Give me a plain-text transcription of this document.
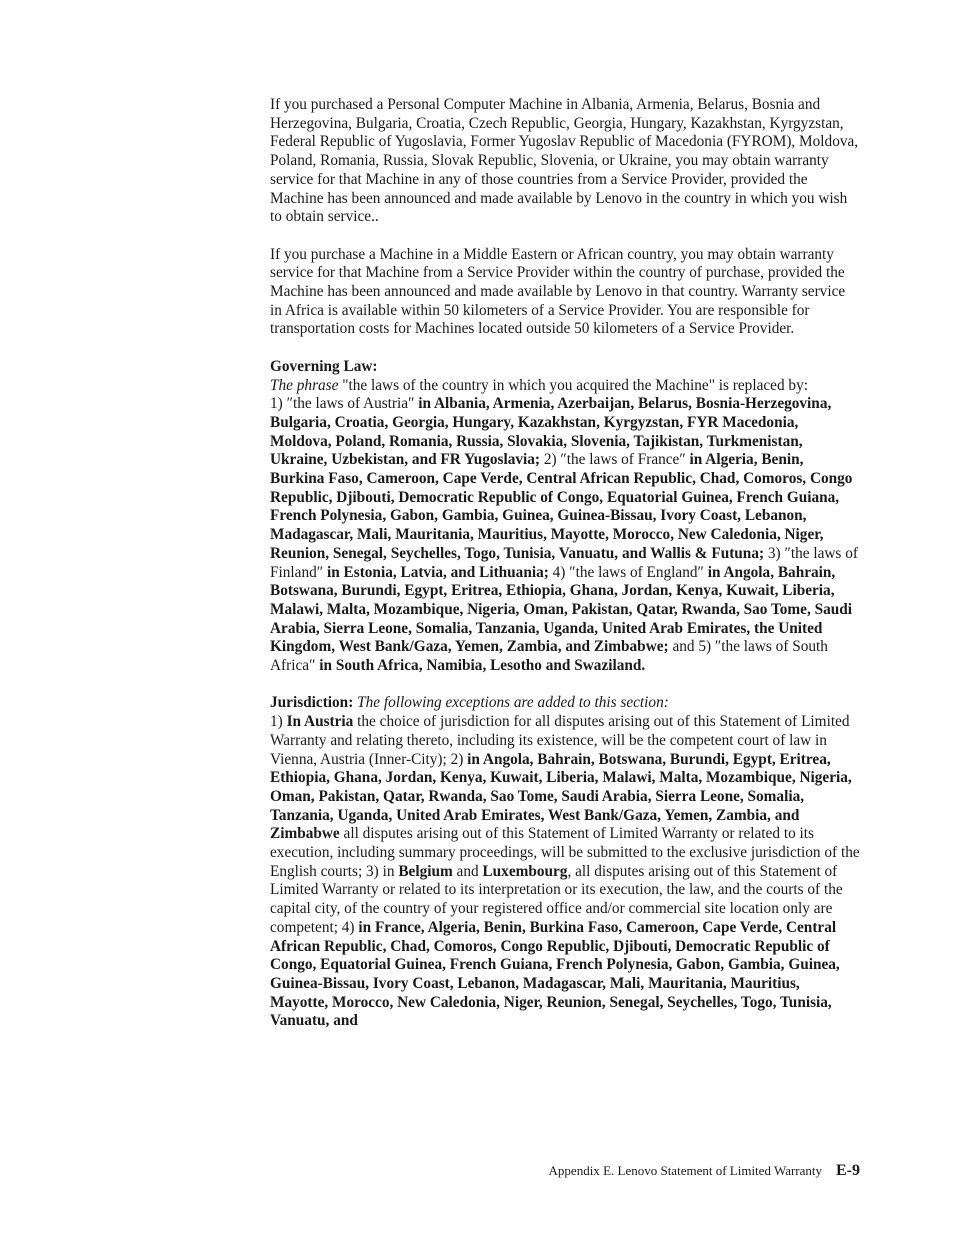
If you purchased a Personal Computer Machine in Albania, Armenia, Belarus, Bosnia and Herzegovina, Bulgaria, Croatia, Czech Republic, Georgia, Hungary, Kazakhstan, Kyrgyzstan, Federal Republic of Yugoslavia, Former Yugoslav Republic of Macedonia (FYROM), Moldova, Poland, Romania, Russia, Slovak Republic, Slovenia, or Ukraine, you may obtain warranty service for that Machine in any of those countries from a Service Provider, provided the Machine has been announced and made available by Lenovo in the country in which you wish to obtain service..

If you purchase a Machine in a Middle Eastern or African country, you may obtain warranty service for that Machine from a Service Provider within the country of purchase, provided the Machine has been announced and made available by Lenovo in that country. Warranty service in Africa is available within 50 kilometers of a Service Provider. You are responsible for transportation costs for Machines located outside 50 kilometers of a Service Provider.

Governing Law:

The phrase "the laws of the country in which you acquired the Machine" is replaced by:

1) ″the laws of Austria″ in Albania, Armenia, Azerbaijan, Belarus, Bosnia-Herzegovina, Bulgaria, Croatia, Georgia, Hungary, Kazakhstan, Kyrgyzstan, FYR Macedonia, Moldova, Poland, Romania, Russia, Slovakia, Slovenia, Tajikistan, Turkmenistan, Ukraine, Uzbekistan, and FR Yugoslavia; 2) ″the laws of France″ in Algeria, Benin, Burkina Faso, Cameroon, Cape Verde, Central African Republic, Chad, Comoros, Congo Republic, Djibouti, Democratic Republic of Congo, Equatorial Guinea, French Guiana, French Polynesia, Gabon, Gambia, Guinea, Guinea-Bissau, Ivory Coast, Lebanon, Madagascar, Mali, Mauritania, Mauritius, Mayotte, Morocco, New Caledonia, Niger, Reunion, Senegal, Seychelles, Togo, Tunisia, Vanuatu, and Wallis & Futuna; 3) ″the laws of Finland″ in Estonia, Latvia, and Lithuania; 4) ″the laws of England″ in Angola, Bahrain, Botswana, Burundi, Egypt, Eritrea, Ethiopia, Ghana, Jordan, Kenya, Kuwait, Liberia, Malawi, Malta, Mozambique, Nigeria, Oman, Pakistan, Qatar, Rwanda, Sao Tome, Saudi Arabia, Sierra Leone, Somalia, Tanzania, Uganda, United Arab Emirates, the United Kingdom, West Bank/Gaza, Yemen, Zambia, and Zimbabwe; and 5) ″the laws of South Africa″ in South Africa, Namibia, Lesotho and Swaziland.

Jurisdiction: The following exceptions are added to this section:

1) In Austria the choice of jurisdiction for all disputes arising out of this Statement of Limited Warranty and relating thereto, including its existence, will be the competent court of law in Vienna, Austria (Inner-City); 2) in Angola, Bahrain, Botswana, Burundi, Egypt, Eritrea, Ethiopia, Ghana, Jordan, Kenya, Kuwait, Liberia, Malawi, Malta, Mozambique, Nigeria, Oman, Pakistan, Qatar, Rwanda, Sao Tome, Saudi Arabia, Sierra Leone, Somalia, Tanzania, Uganda, United Arab Emirates, West Bank/Gaza, Yemen, Zambia, and Zimbabwe all disputes arising out of this Statement of Limited Warranty or related to its execution, including summary proceedings, will be submitted to the exclusive jurisdiction of the English courts; 3) in Belgium and Luxembourg, all disputes arising out of this Statement of Limited Warranty or related to its interpretation or its execution, the law, and the courts of the capital city, of the country of your registered office and/or commercial site location only are competent; 4) in France, Algeria, Benin, Burkina Faso, Cameroon, Cape Verde, Central African Republic, Chad, Comoros, Congo Republic, Djibouti, Democratic Republic of Congo, Equatorial Guinea, French Guiana, French Polynesia, Gabon, Gambia, Guinea, Guinea-Bissau, Ivory Coast, Lebanon, Madagascar, Mali, Mauritania, Mauritius, Mayotte, Morocco, New Caledonia, Niger, Reunion, Senegal, Seychelles, Togo, Tunisia, Vanuatu, and

Appendix E. Lenovo Statement of Limited Warranty E-9
